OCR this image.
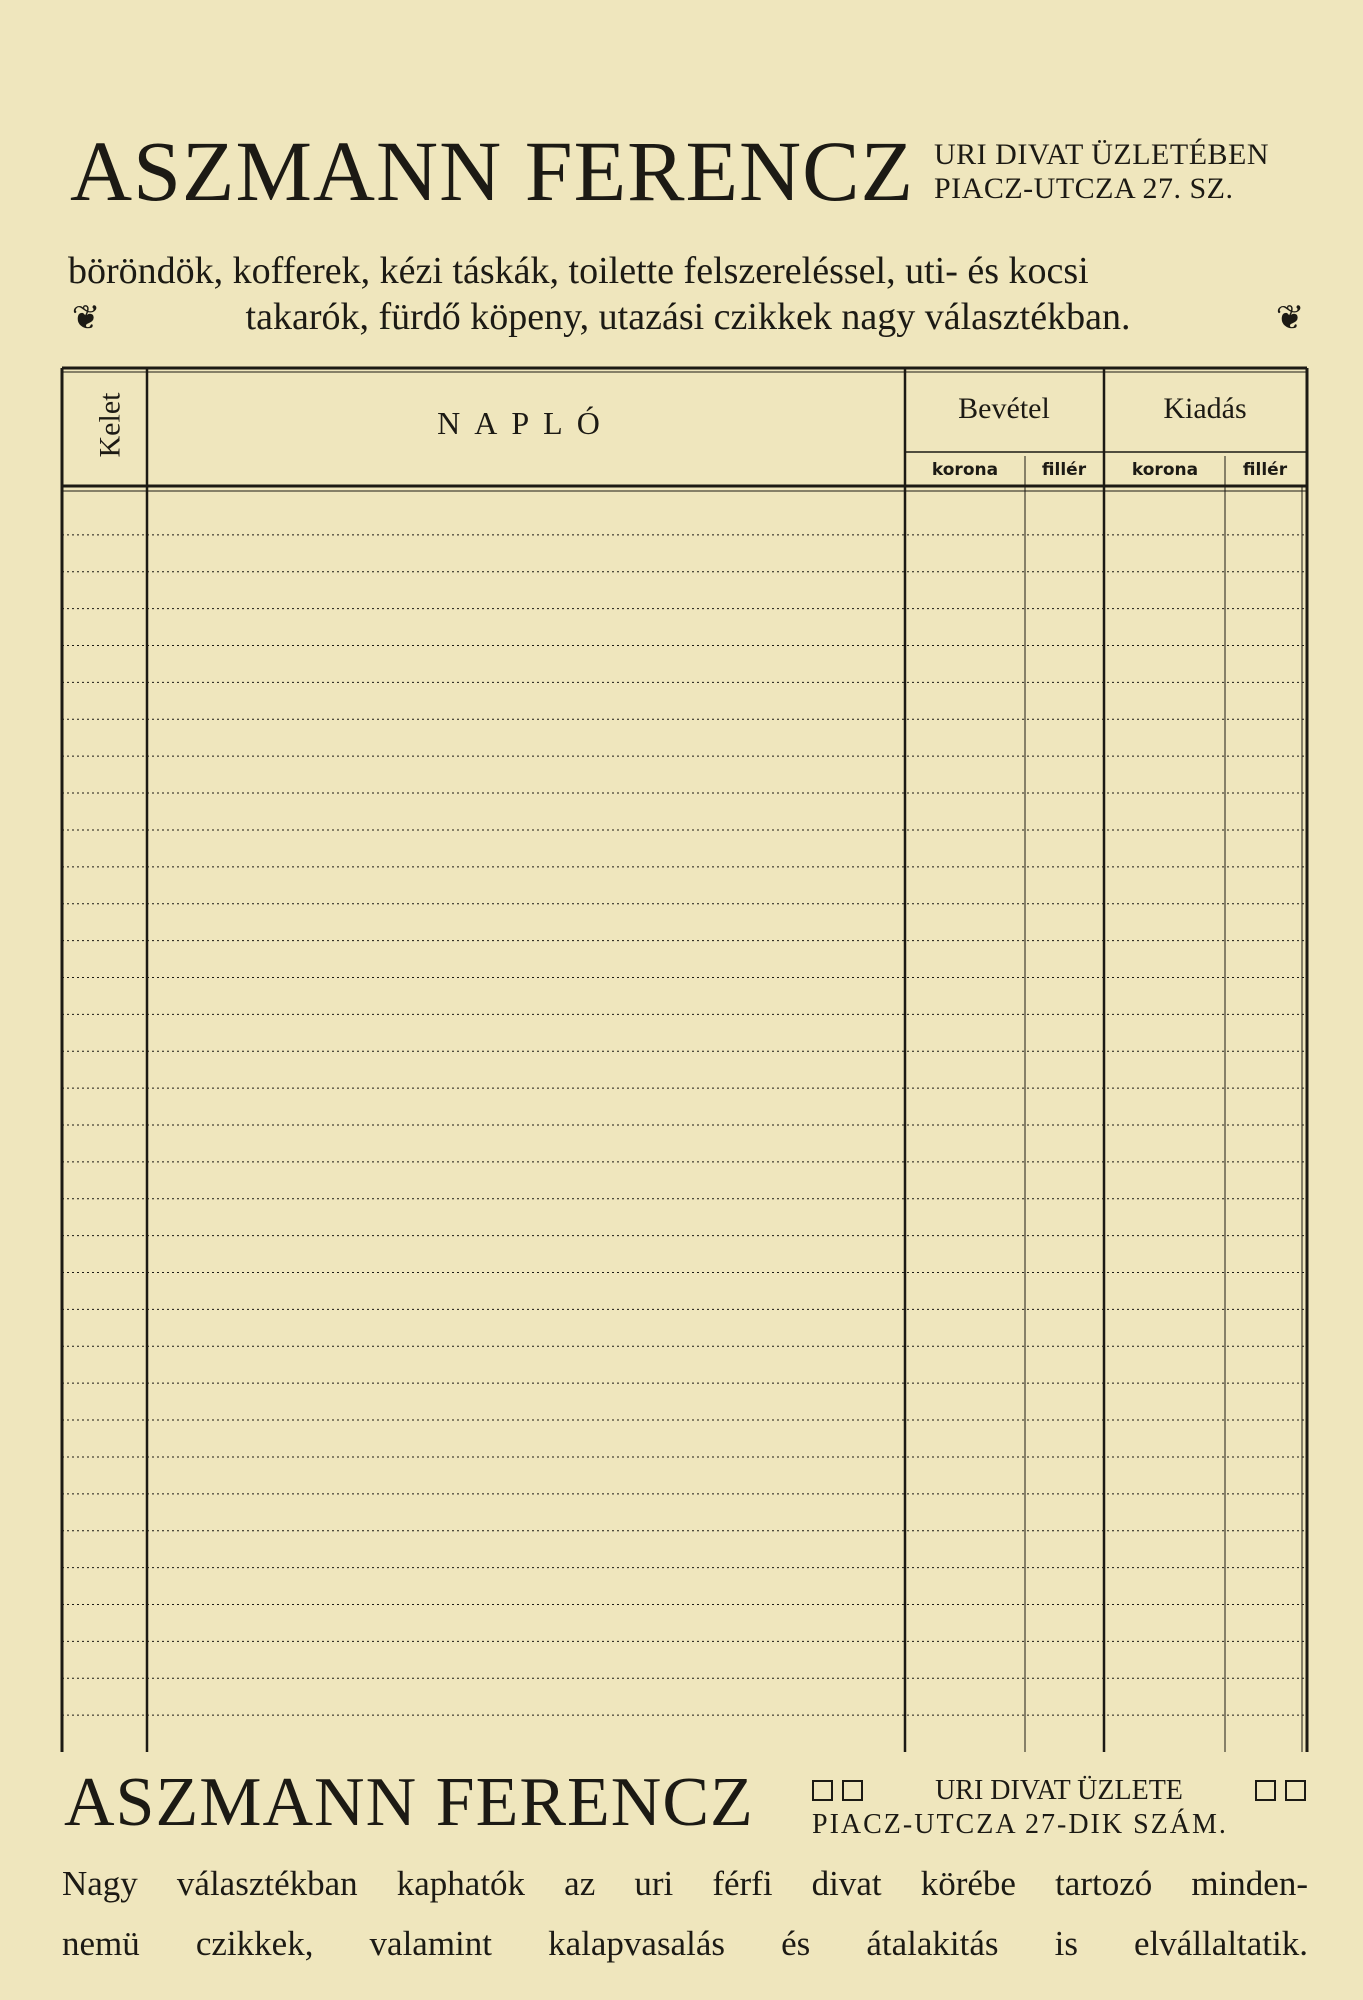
ASZMANN FERENCZ URI DIVAT ÜZLETÉBEN
PIACZ-UTCZA 27. SZ.
böröndök, kofferek, kézi táskák, toilette felszereléssel, uti- és kocsi
❦	takarók, fürdő köpeny, utazási czikkek nagy választékban.	❦
Kelet	NAPLÓ	Bevétel	Kiadás
korona	fillér	korona	fillér
ASZMANN FERENCZ	URI DIVAT ÜZLETE
PIACZ-UTCZA 27-DIK SZÁM.
Nagy választékban kaphatók az uri férfi divat körébe tartozó minden-
nemü czikkek, valamint kalapvasalás és átalakitás is elvállaltatik.
